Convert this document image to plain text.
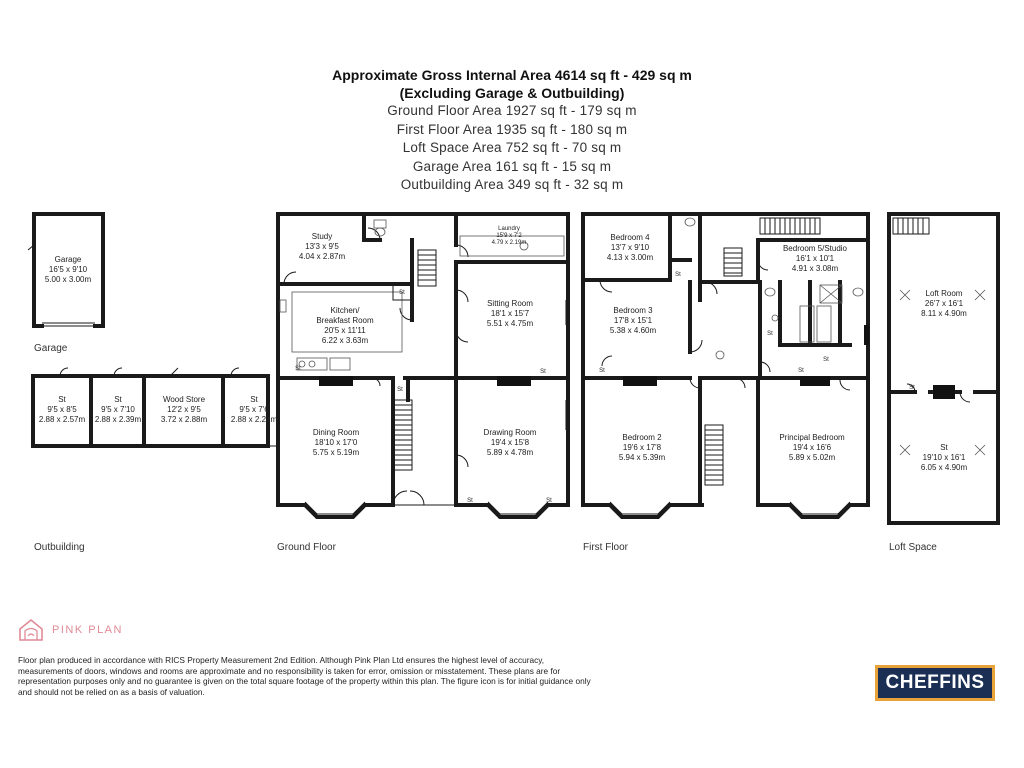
Approximate Gross Internal Area 4614 sq ft - 429 sq m
(Excluding Garage & Outbuilding)
Ground Floor Area 1927 sq ft - 179 sq m
First Floor Area 1935 sq ft - 180 sq m
Loft Space Area 752 sq ft - 70 sq m
Garage Area 161 sq ft - 15 sq m
Outbuilding Area 349 sq ft - 32 sq m
Garage
16'5 x 9'10
5.00 x 3.00m
St
9'5 x 8'5
2.88 x 2.57m
St
9'5 x 7'10
2.88 x 2.39m
Wood Store
12'2 x 9'5
3.72 x 2.88m
St
9'5 x 7'6
2.88 x 2.28m
St
St
St
St
St	St
Study
13'3 x 9'5
4.04 x 2.87m
Laundry
15'9 x 7'2
4.79 x 2.19m
Kitchen/
Breakfast Room
20'5 x 11'11
6.22 x 3.63m
Sitting Room
18'1 x 15'7
5.51 x 4.75m
Dining Room
18'10 x 17'0
5.75 x 5.19m
Drawing Room
19'4 x 15'8
5.89 x 4.78m
St
St
St
St
St
Bedroom 4
13'7 x 9'10
4.13 x 3.00m
Bedroom 5/Studio
16'1 x 10'1
4.91 x 3.08m
Bedroom 3
17'8 x 15'1
5.38 x 4.60m
Bedroom 2
19'6 x 17'8
5.94 x 5.39m
Principal Bedroom
19'4 x 16'6
5.89 x 5.02m
St
Loft Room
26'7 x 16'1
8.11 x 4.90m
St
19'10 x 16'1
6.05 x 4.90m
Garage
Outbuilding	Ground Floor	First Floor	Loft Space
PINK PLAN
Floor plan produced in accordance with RICS Property Measurement 2nd Edition. Although Pink Plan Ltd ensures the highest level of accuracy, measurements of doors, windows and rooms are approximate and no responsibility is taken for error, omission or misstatement. These plans are for representation purposes only and no guarantee is given on the total square footage of the property within this plan. The figure icon is for initial guidance only and should not be relied on as a basis of valuation.	CHEFFINS
